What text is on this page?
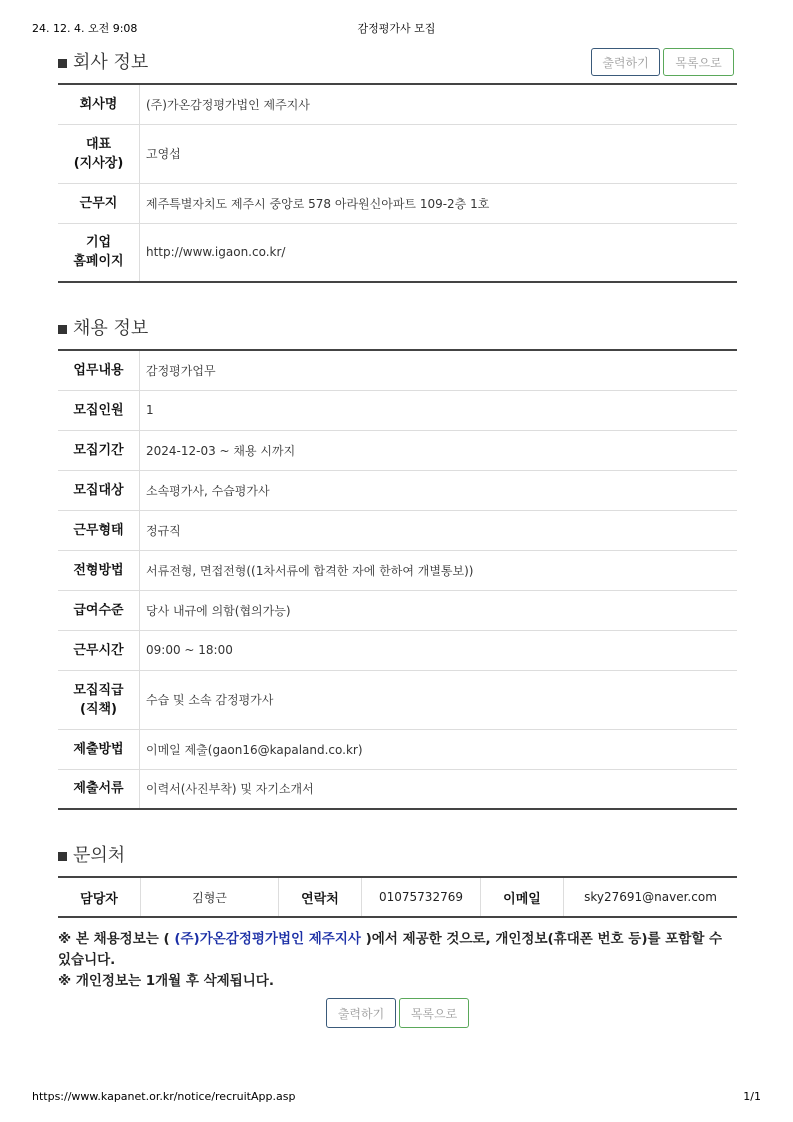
24. 12. 4. 오전 9:08	감정평가사 모집
회사 정보	출력하기	목록으로
회사명	(주)가온감정평가법인 제주지사

대표
(지사장)	고영섭

근무지	제주특별자치도 제주시 중앙로 578 아라원신아파트 109-2층 1호

기업
홈페이지	http://www.igaon.co.kr/
채용 정보
업무내용	감정평가업무

모집인원	1

모집기간	2024-12-03 ~ 채용 시까지

모집대상	소속평가사, 수습평가사

근무형태	정규직

전형방법	서류전형, 면접전형((1차서류에 합격한 자에 한하여 개별통보))

급여수준	당사 내규에 의함(협의가능)

근무시간	09:00 ~ 18:00

모집직급
(직책)	수습 및 소속 감정평가사

제출방법	이메일 제출(gaon16@kapaland.co.kr)

제출서류	이력서(사진부착) 및 자기소개서
문의처
담당자	김형근	연락처	01075732769	이메일	sky27691@naver.com
※ 본 채용정보는 ( (주)가온감정평가법인 제주지사 )에서 제공한 것으로, 개인정보(휴대폰 번호 등)를 포함할 수 있습니다.
※ 개인정보는 1개월 후 삭제됩니다.
출력하기	목록으로
https://www.kapanet.or.kr/notice/recruitApp.asp	1/1
